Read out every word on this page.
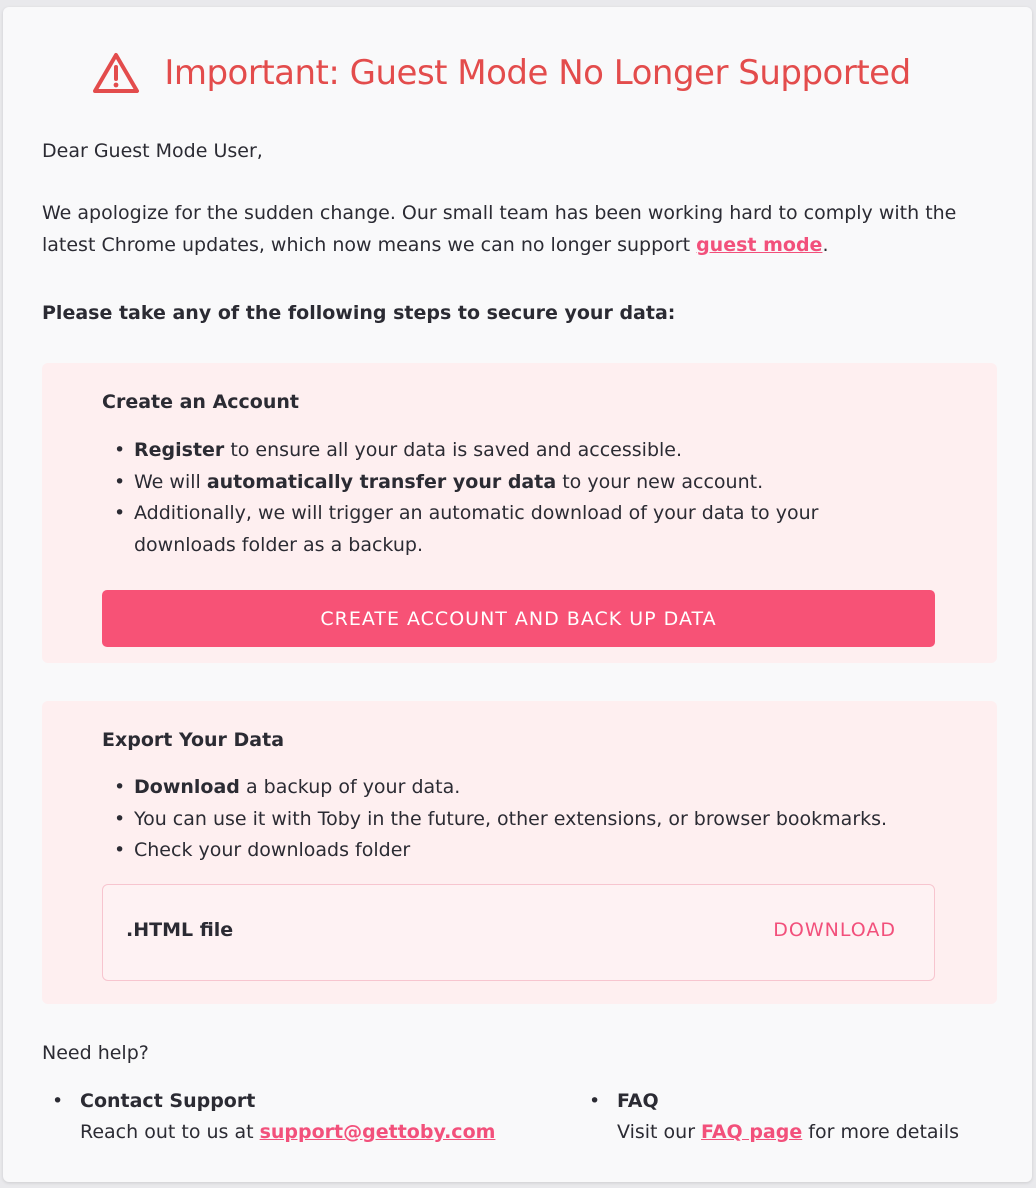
Important: Guest Mode No Longer Supported
Dear Guest Mode User,
We apologize for the sudden change. Our small team has been working hard to comply with the latest Chrome updates, which now means we can no longer support guest mode.
Please take any of the following steps to secure your data:
Create an Account
• Register to ensure all your data is saved and accessible.
• We will automatically transfer your data to your new account.
• Additionally, we will trigger an automatic download of your data to your downloads folder as a backup.
CREATE ACCOUNT AND BACK UP DATA
Export Your Data
• Download a backup of your data.
• You can use it with Toby in the future, other extensions, or browser bookmarks.
• Check your downloads folder
.HTML file	DOWNLOAD
Need help?
• Contact Support
Reach out to us at support@gettoby.com
• FAQ
Visit our FAQ page for more details
